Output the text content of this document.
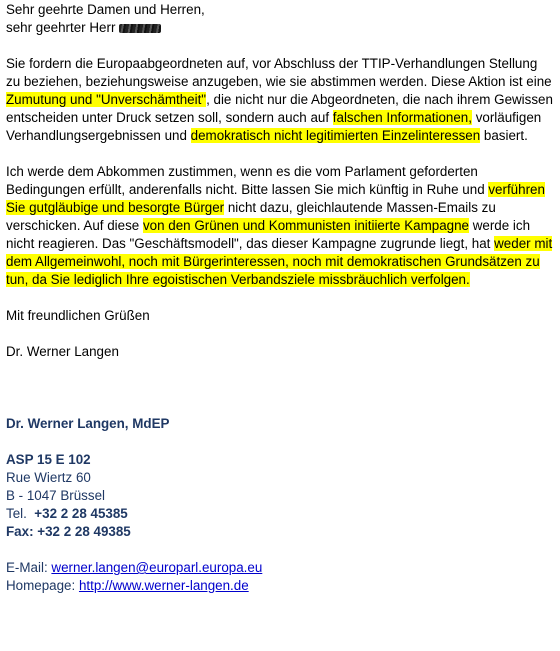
Sehr geehrte Damen und Herren,

sehr geehrter Herr

Sie fordern die Europaabgeordneten auf, vor Abschluss der TTIP-Verhandlungen Stellung zu beziehen, beziehungsweise anzugeben, wie sie abstimmen werden. Diese Aktion ist eine Zumutung und "Unverschämtheit", die nicht nur die Abgeordneten, die nach ihrem Gewissen entscheiden unter Druck setzen soll, sondern auch auf falschen Informationen, vorläufigen Verhandlungsergebnissen und demokratisch nicht legitimierten Einzelinteressen basiert.

Ich werde dem Abkommen zustimmen, wenn es die vom Parlament geforderten Bedingungen erfüllt, anderenfalls nicht. Bitte lassen Sie mich künftig in Ruhe und verführen Sie gutgläubige und besorgte Bürger nicht dazu, gleichlautende Massen-Emails zu verschicken. Auf diese von den Grünen und Kommunisten initiierte Kampagne werde ich nicht reagieren. Das "Geschäftsmodell", das dieser Kampagne zugrunde liegt, hat weder mit dem Allgemeinwohl, noch mit Bürgerinteressen, noch mit demokratischen Grundsätzen zu tun, da Sie lediglich Ihre egoistischen Verbandsziele missbräuchlich verfolgen.

Mit freundlichen Grüßen

Dr. Werner Langen

Dr. Werner Langen, MdEP

ASP 15 E 102

Rue Wiertz 60

B - 1047 Brüssel

Tel. +32 2 28 45385

Fax: +32 2 28 49385

E-Mail: werner.langen@europarl.europa.eu

Homepage: http://www.werner-langen.de
